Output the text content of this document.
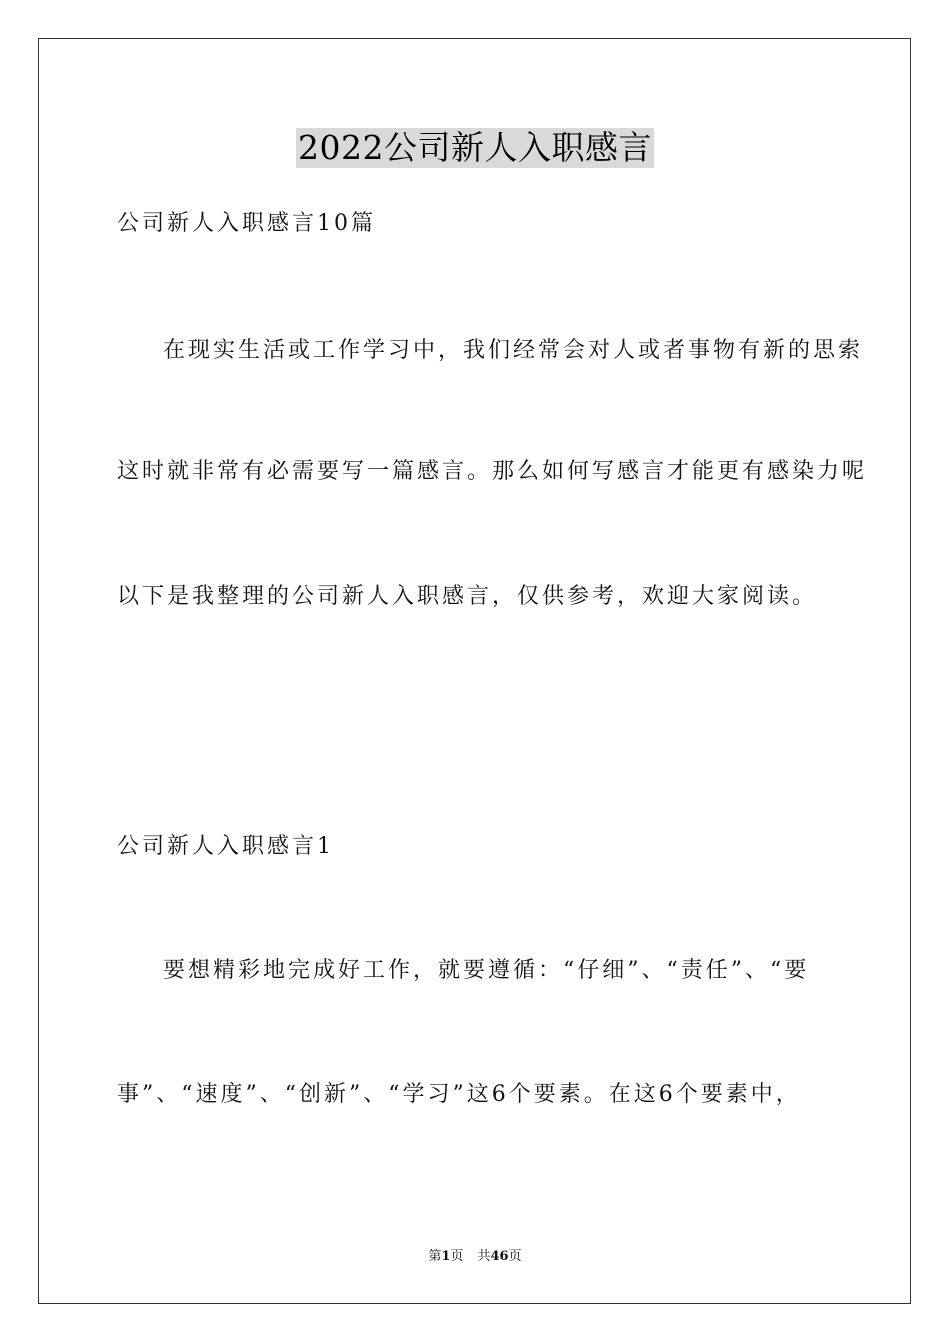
2022公司新人入职感言
公司新人入职感言10篇
在现实生活或工作学习中，我们经常会对人或者事物有新的思索
这时就非常有必需要写一篇感言。那么如何写感言才能更有感染力呢
以下是我整理的公司新人入职感言，仅供参考，欢迎大家阅读。
公司新人入职感言1
要想精彩地完成好工作，就要遵循：“仔细”、“责任”、“要
事”、“速度”、“创新”、“学习”这6个要素。在这6个要素中，
第1页 共46页
